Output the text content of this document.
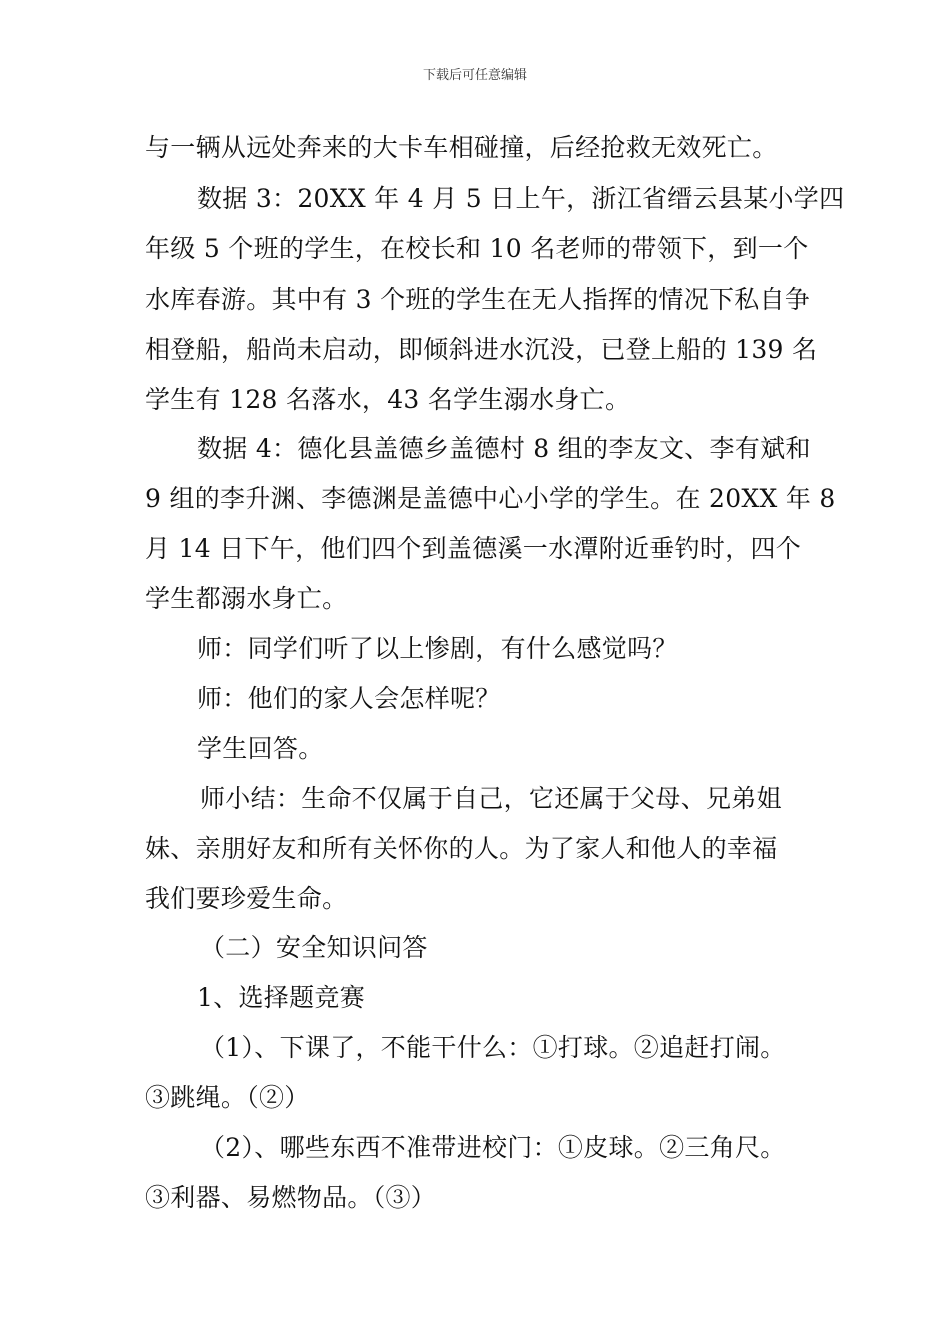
下载后可任意编辑
与一辆从远处奔来的大卡车相碰撞，后经抢救无效死亡。
数据 3：20XX 年 4 月 5 日上午，浙江省缙云县某小学四
年级 5 个班的学生，在校长和 10 名老师的带领下，到一个
水库春游。其中有 3 个班的学生在无人指挥的情况下私自争
相登船，船尚未启动，即倾斜进水沉没，已登上船的 139 名
学生有 128 名落水，43 名学生溺水身亡。
数据 4：德化县盖德乡盖德村 8 组的李友文、李有斌和
9 组的李升渊、李德渊是盖德中心小学的学生。在 20XX 年 8
月 14 日下午，他们四个到盖德溪一水潭附近垂钓时，四个
学生都溺水身亡。
师：同学们听了以上惨剧，有什么感觉吗？
师：他们的家人会怎样呢？
学生回答。
师小结：生命不仅属于自己，它还属于父母、兄弟姐
妹、亲朋好友和所有关怀你的人。为了家人和他人的幸福
我们要珍爱生命。
（二）安全知识问答
1、选择题竞赛
（1）、下课了，不能干什么：①打球。②追赶打闹。
③跳绳。（②）
（2）、哪些东西不准带进校门：①皮球。②三角尺。
③利器、易燃物品。（③）
